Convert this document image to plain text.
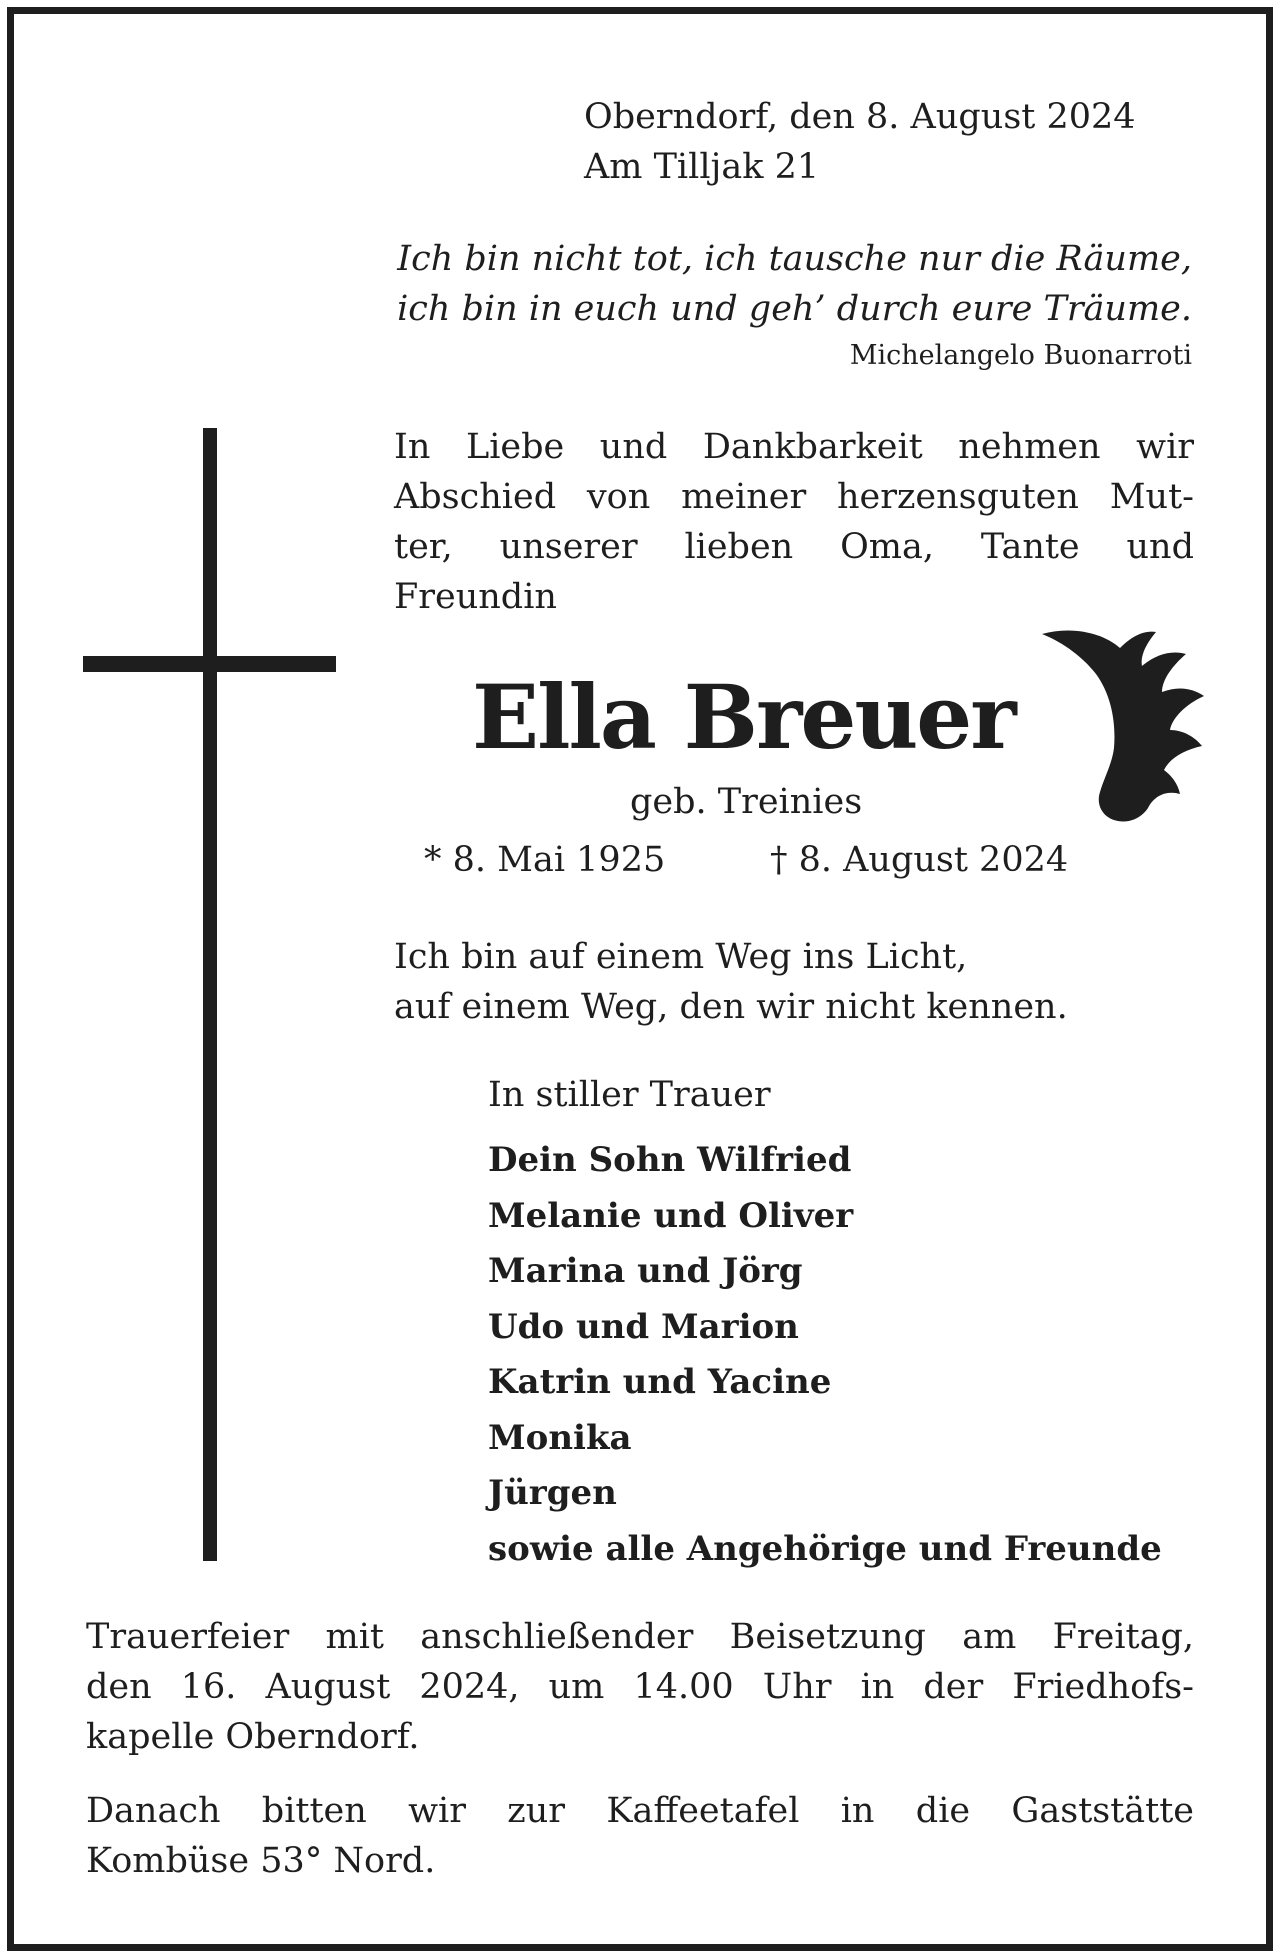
Oberndorf, den 8. August 2024
Am Tilljak 21
Ich bin nicht tot, ich tausche nur die Räume,
ich bin in euch und geh’ durch eure Träume.
Michelangelo Buonarroti
In Liebe und Dankbarkeit nehmen wir
Abschied von meiner herzensguten Mut-
ter, unserer lieben Oma, Tante und
Freundin
Ella Breuer
geb. Treinies
* 8. Mai 1925	† 8. August 2024
Ich bin auf einem Weg ins Licht,
auf einem Weg, den wir nicht kennen.
In stiller Trauer
Dein Sohn Wilfried
Melanie und Oliver
Marina und Jörg
Udo und Marion
Katrin und Yacine
Monika
Jürgen
sowie alle Angehörige und Freunde
Trauerfeier mit anschließender Beisetzung am Freitag,
den 16. August 2024, um 14.00 Uhr in der Friedhofs-
kapelle Oberndorf.
Danach bitten wir zur Kaffeetafel in die Gaststätte
Kombüse 53° Nord.
